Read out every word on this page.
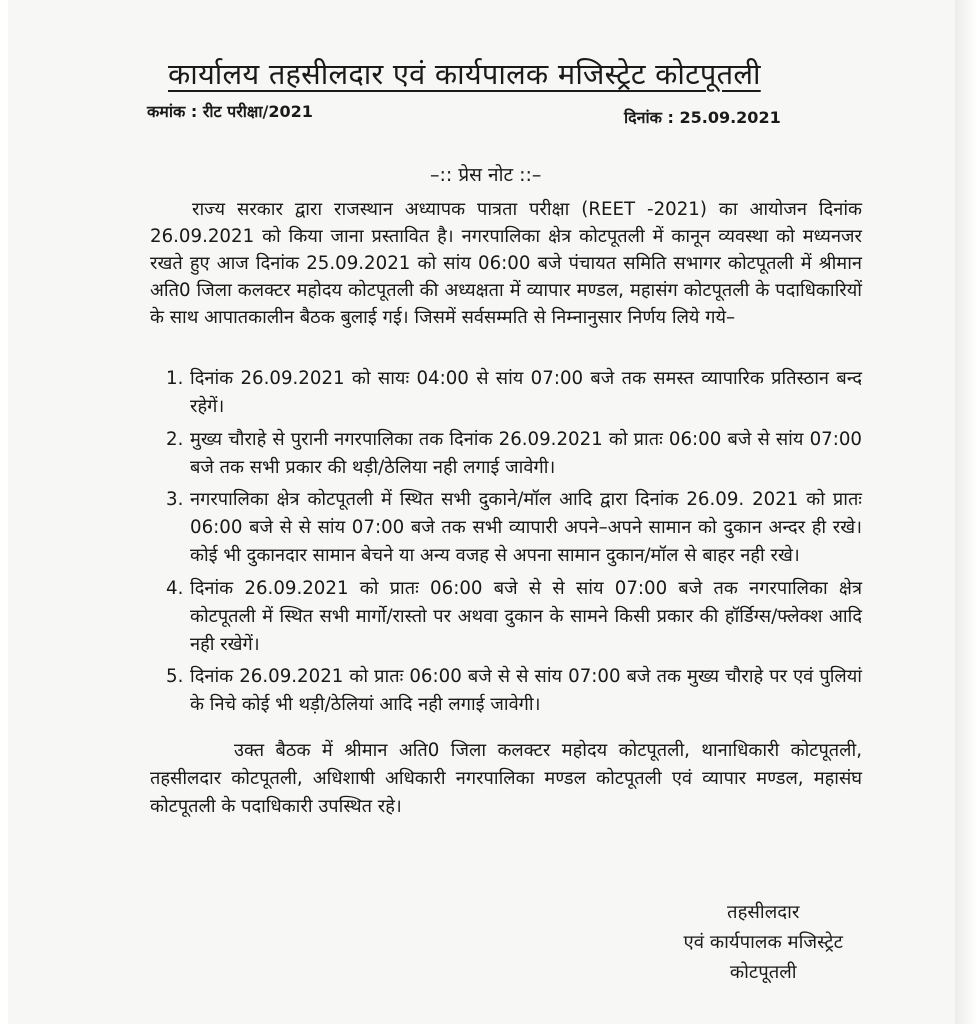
कार्यालय तहसीलदार एवं कार्यपालक मजिस्ट्रेट कोटपूतली
कमांक : रीट परीक्षा/2021	दिनांक : 25.09.2021
–:: प्रेस नोट ::–

राज्य सरकार द्वारा राजस्थान अध्यापक पात्रता परीक्षा (REET -2021) का आयोजन दिनांक 26.09.2021 को किया जाना प्रस्तावित है। नगरपालिका क्षेत्र कोटपूतली में कानून व्यवस्था को मध्यनजर रखते हुए आज दिनांक 25.09.2021 को सांय 06:00 बजे पंचायत समिति सभागर कोटपूतली में श्रीमान अति0 जिला कलक्टर महोदय कोटपूतली की अध्यक्षता में व्यापार मण्डल, महासंग कोटपूतली के पदाधिकारियों के साथ आपातकालीन बैठक बुलाई गई। जिसमें सर्वसम्मति से निम्नानुसार निर्णय लिये गये–

1. दिनांक 26.09.2021 को सायः 04:00 से सांय 07:00 बजे तक समस्त व्यापारिक प्रतिस्ठान बन्द रहेगें।
2. मुख्य चौराहे से पुरानी नगरपालिका तक दिनांक 26.09.2021 को प्रातः 06:00 बजे से सांय 07:00 बजे तक सभी प्रकार की थड़ी/ठेलिया नही लगाई जावेगी।
3. नगरपालिका क्षेत्र कोटपूतली में स्थित सभी दुकाने/मॉल आदि द्वारा दिनांक 26.09. 2021 को प्रातः 06:00 बजे से से सांय 07:00 बजे तक सभी व्यापारी अपने–अपने सामान को दुकान अन्दर ही रखे। कोई भी दुकानदार सामान बेचने या अन्य वजह से अपना सामान दुकान/मॉल से बाहर नही रखे।
4. दिनांक 26.09.2021 को प्रातः 06:00 बजे से से सांय 07:00 बजे तक नगरपालिका क्षेत्र कोटपूतली में स्थित सभी मार्गो/रास्तो पर अथवा दुकान के सामने किसी प्रकार की हॉर्डिग्स/फ्लेक्श आदि नही रखेगें।
5. दिनांक 26.09.2021 को प्रातः 06:00 बजे से से सांय 07:00 बजे तक मुख्य चौराहे पर एवं पुलियां के निचे कोई भी थड़ी/ठेलियां आदि नही लगाई जावेगी।

उक्त बैठक में श्रीमान अति0 जिला कलक्टर महोदय कोटपूतली, थानाधिकारी कोटपूतली, तहसीलदार कोटपूतली, अधिशाषी अधिकारी नगरपालिका मण्डल कोटपूतली एवं व्यापार मण्डल, महासंघ कोटपूतली के पदाधिकारी उपस्थित रहे।

तहसीलदार
एवं कार्यपालक मजिस्ट्रेट
कोटपूतली
